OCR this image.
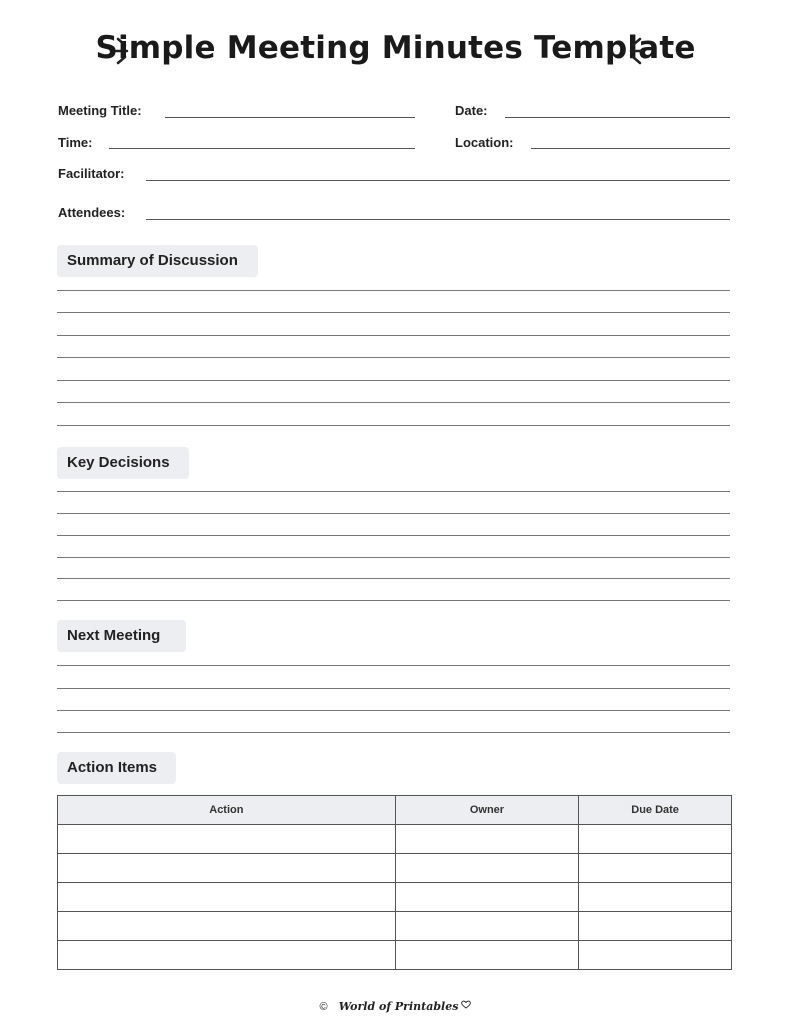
Simple Meeting Minutes Template
Meeting Title:	Date:
Time:	Location:
Facilitator:
Attendees:
Summary of Discussion
Key Decisions
Next Meeting
Action Items
Action	Owner	Due Date

© World of Printables
